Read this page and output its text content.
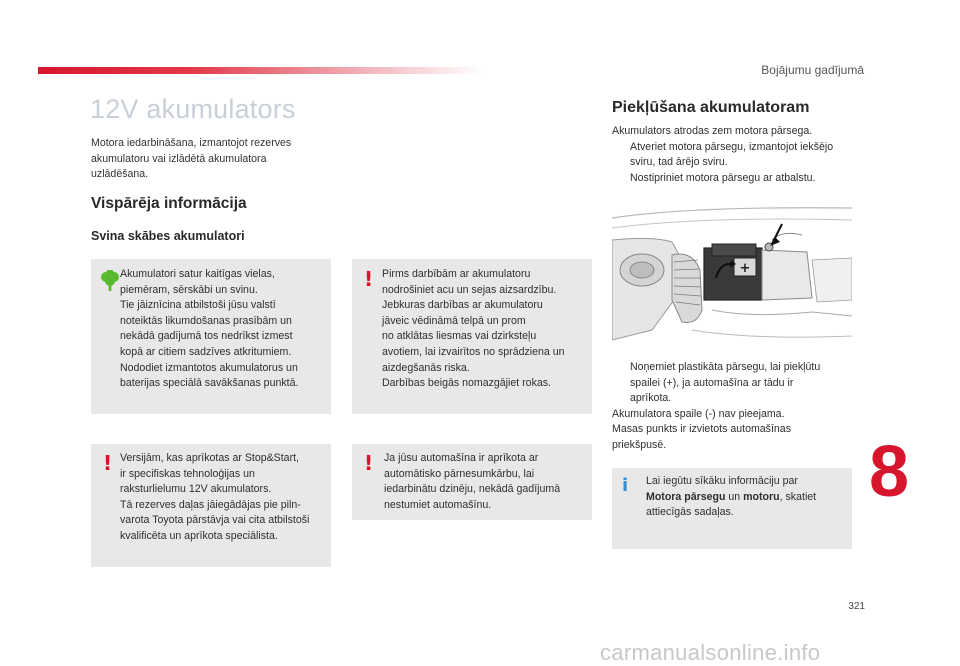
Bojājumu gadījumā
12V akumulators
Motora iedarbināšana, izmantojot rezerves akumulatoru vai izlādētā akumulatora uzlādēšana.
Vispārēja informācija
Svina skābes akumulatori
Akumulatori satur kaitīgas vielas,
piemēram, sērskābi un svinu.
Tie jāiznīcina atbilstoši jūsu valstī
noteiktās likumdošanas prasībām un
nekādā gadījumā tos nedrīkst izmest
kopā ar citiem sadzīves atkritumiem.
Nododiet izmantotos akumulatorus un
baterijas speciālā savākšanas punktā.
! Pirms darbībām ar akumulatoru
nodrošiniet acu un sejas aizsardzību.
Jebkuras darbības ar akumulatoru
jāveic vēdināmā telpā un prom
no atklātas liesmas vai dzirksteļu
avotiem, lai izvairītos no sprādziena un
aizdegšanās riska.
Darbības beigās nomazgājiet rokas.
! Versijām, kas aprīkotas ar Stop&Start,
ir specifiskas tehnoloģijas un
raksturlielumu 12V akumulators.
Tā rezerves daļas jāiegādājas pie piln-
varota Toyota pārstāvja vai cita atbilstoši
kvalificēta un aprīkota speciālista.
! Ja jūsu automašīna ir aprīkota ar
automātisko pārnesumkārbu, lai
iedarbinātu dzinēju, nekādā gadījumā
nestumiet automašīnu.
Piekļūšana akumulatoram
Akumulators atrodas zem motora pārsega.
Atveriet motora pārsegu, izmantojot iekšējo
sviru, tad ārējo sviru.
Nostipriniet motora pārsegu ar atbalstu.
+
Noņemiet plastikāta pārsegu, lai piekļūtu
spailei (+), ja automašīna ar tādu ir
aprīkota.
Akumulatora spaile (-) nav pieejama.
Masas punkts ir izvietots automašīnas
priekšpusē.
i Lai iegūtu sīkāku informāciju par
Motora pārsegu un motoru, skatiet
attiecīgās sadaļas.
8
321
carmanualsonline.info
